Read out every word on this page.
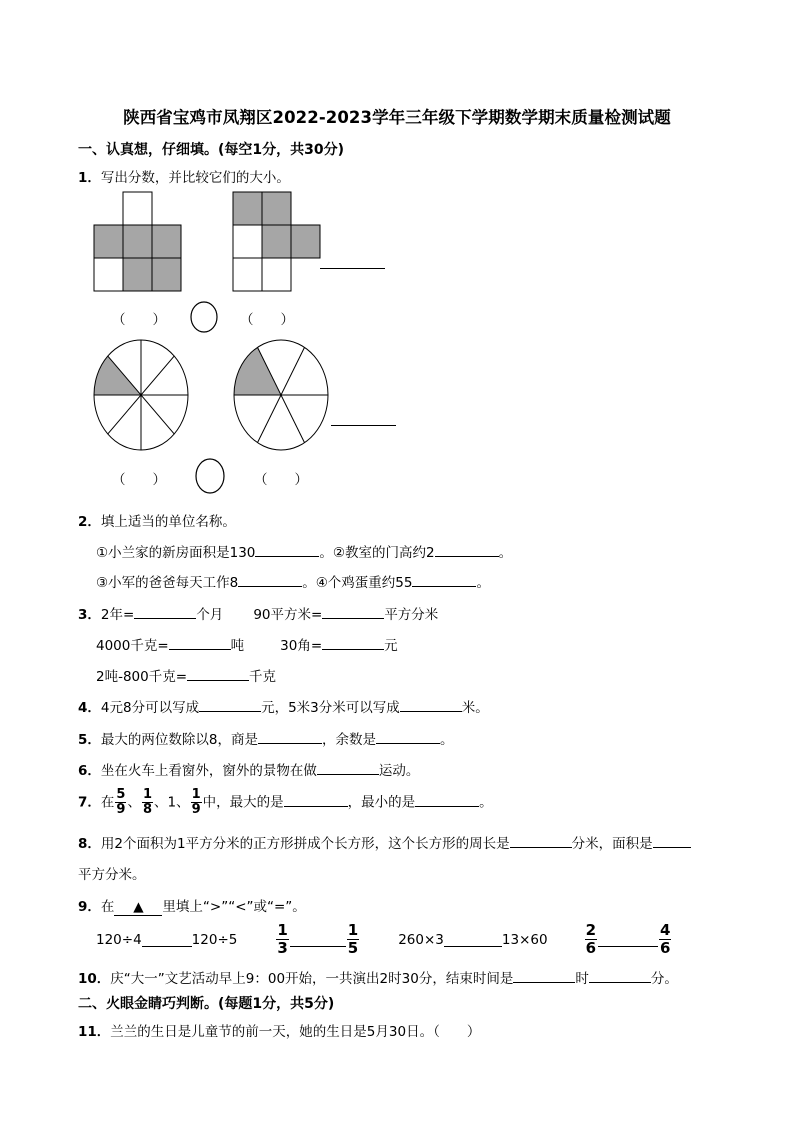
陕西省宝鸡市凤翔区2022-2023学年三年级下学期数学期末质量检测试题
一、认真想，仔细填。(每空1分，共30分)
1．写出分数，并比较它们的大小。
（　　）	（　　）
（　　）	（　　）
2．填上适当的单位名称。
①小兰家的新房面积是130	。②教室的门高约2	。
③小军的爸爸每天工作8	。④个鸡蛋重约55	。
3．2年=	个月 90平方米=	平方分米
4000千克=	吨	30角=	元
2吨-800千克=	千克
4．4元8分可以写成	元，5米3分米可以写成	米。
5．最大的两位数除以8，商是	，余数是	。
6．坐在火车上看窗外，窗外的景物在做	运动。
7．在 $\frac{5}{9}$ 、 $\frac{1}{8}$ 、1、 $\frac{1}{9}$ 中，最大的是	，最小的是	。
8．用2个面积为1平方分米的正方形拼成个长方形，这个长方形的周长是	分米，面积是
平方分米。
9．在 ▲ 里填上“>”“<”或“=”。
120÷4	120÷5	$\frac{1}{3}$	$\frac{1}{5}$	260×3	$13\times 60 \frac{2}{6}$	$\frac{4}{6}$
10．庆“大一”文艺活动早上9：00开始，一共演出2时30分，结束时间是	时	分。
二、火眼金睛巧判断。(每题1分，共5分)
11．兰兰的生日是儿童节的前一天，她的生日是5月30日。（　　）
